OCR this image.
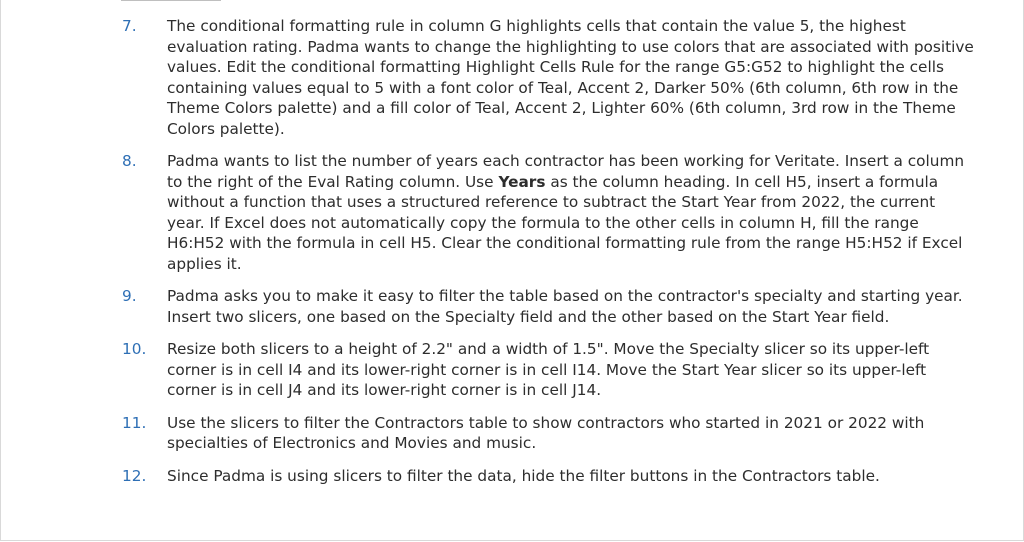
7. The conditional formatting rule in column G highlights cells that contain the value 5, the highest evaluation rating. Padma wants to change the highlighting to use colors that are associated with positive values. Edit the conditional formatting Highlight Cells Rule for the range G5:G52 to highlight the cells containing values equal to 5 with a font color of Teal, Accent 2, Darker 50% (6th column, 6th row in the Theme Colors palette) and a fill color of Teal, Accent 2, Lighter 60% (6th column, 3rd row in the Theme Colors palette).
8. Padma wants to list the number of years each contractor has been working for Veritate. Insert a column to the right of the Eval Rating column. Use Years as the column heading. In cell H5, insert a formula without a function that uses a structured reference to subtract the Start Year from 2022, the current year. If Excel does not automatically copy the formula to the other cells in column H, fill the range H6:H52 with the formula in cell H5. Clear the conditional formatting rule from the range H5:H52 if Excel applies it.
9. Padma asks you to make it easy to filter the table based on the contractor's specialty and starting year. Insert two slicers, one based on the Specialty field and the other based on the Start Year field.
10. Resize both slicers to a height of 2.2" and a width of 1.5". Move the Specialty slicer so its upper-left corner is in cell I4 and its lower-right corner is in cell I14. Move the Start Year slicer so its upper-left corner is in cell J4 and its lower-right corner is in cell J14.
11. Use the slicers to filter the Contractors table to show contractors who started in 2021 or 2022 with specialties of Electronics and Movies and music.
12. Since Padma is using slicers to filter the data, hide the filter buttons in the Contractors table.
